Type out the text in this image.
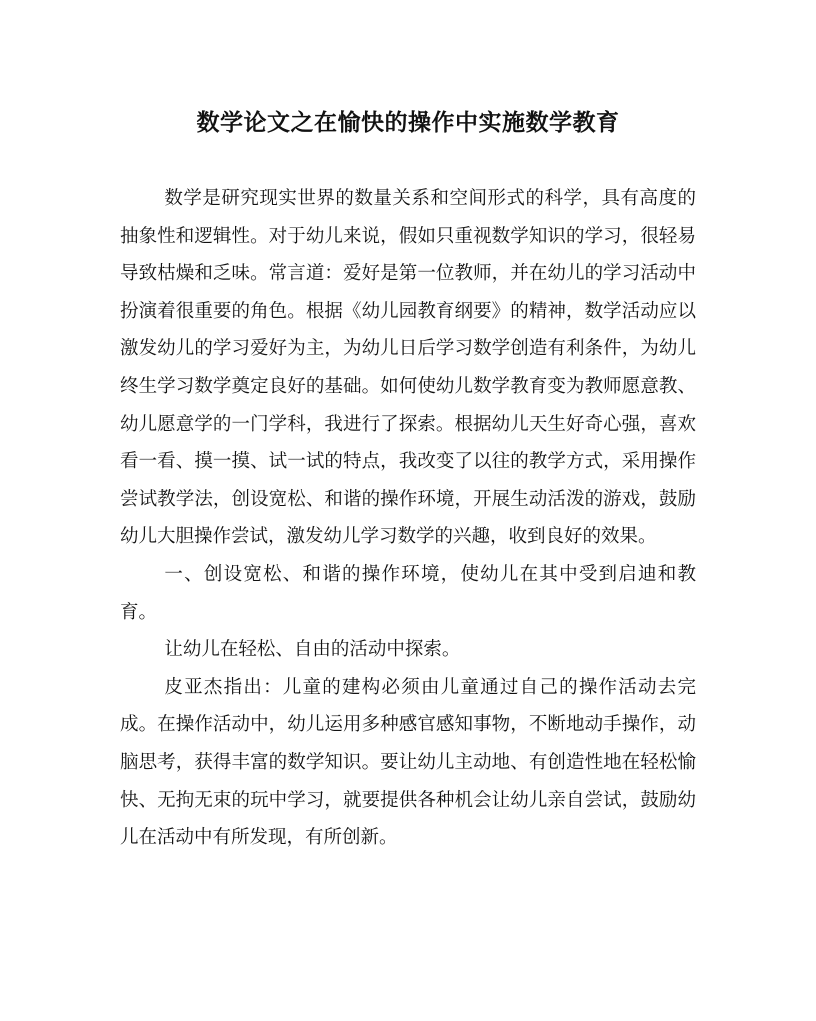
数学论文之在愉快的操作中实施数学教育

数学是研究现实世界的数量关系和空间形式的科学，具有高度的抽象性和逻辑性。对于幼儿来说，假如只重视数学知识的学习，很轻易导致枯燥和乏味。常言道：爱好是第一位教师，并在幼儿的学习活动中扮演着很重要的角色。根据《幼儿园教育纲要》的精神，数学活动应以激发幼儿的学习爱好为主，为幼儿日后学习数学创造有利条件，为幼儿终生学习数学奠定良好的基础。如何使幼儿数学教育变为教师愿意教、幼儿愿意学的一门学科，我进行了探索。根据幼儿天生好奇心强，喜欢看一看、摸一摸、试一试的特点，我改变了以往的教学方式，采用操作尝试教学法，创设宽松、和谐的操作环境，开展生动活泼的游戏，鼓励幼儿大胆操作尝试，激发幼儿学习数学的兴趣，收到良好的效果。

一、创设宽松、和谐的操作环境，使幼儿在其中受到启迪和教育。

让幼儿在轻松、自由的活动中探索。

皮亚杰指出：儿童的建构必须由儿童通过自己的操作活动去完成。在操作活动中，幼儿运用多种感官感知事物，不断地动手操作，动脑思考，获得丰富的数学知识。要让幼儿主动地、有创造性地在轻松愉快、无拘无束的玩中学习，就要提供各种机会让幼儿亲自尝试，鼓励幼儿在活动中有所发现，有所创新。
